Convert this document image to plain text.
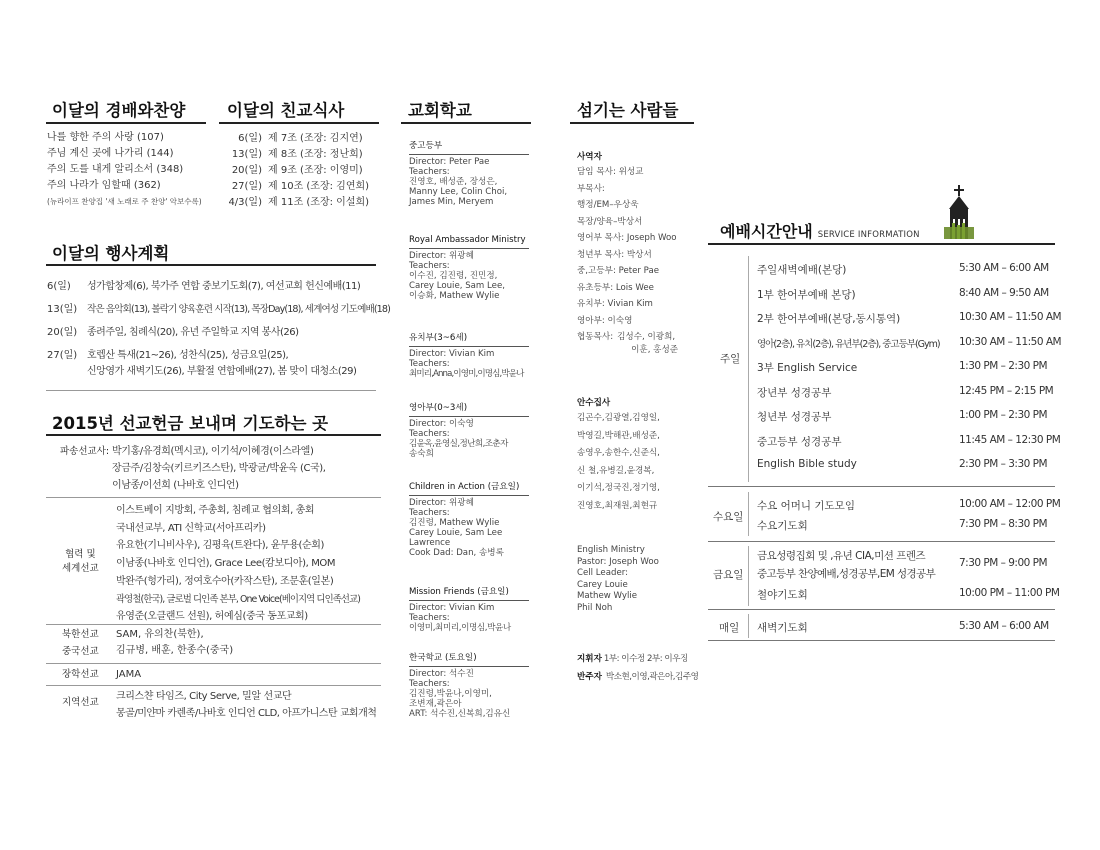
이달의 경배와찬양
나를 향한 주의 사랑 (107)
주님 계신 곳에 나가리 (144)
주의 도를 내게 알리소서 (348)
주의 나라가 임할때 (362)
(뉴라이프 찬양집 '새 노래로 주 찬양' 악보수록)
이달의 친교식사
6(일) 제 7조 (조장: 김지연)
13(일) 제 8조 (조장: 정난희)
20(일) 제 9조 (조장: 이영미)
27(일) 제 10조 (조장: 김연희)
4/3(일) 제 11조 (조장: 이설희)
이달의 행사계획
6(일)	성가합창제(6), 북가주 연합 중보기도회(7), 여선교회 헌신예배(11)
13(일)	작은 음악회(13), 볼락기 양육훈련 시작(13), 목장Day(18), 세계여성 기도예배(18)
20(일) 종려주일, 침례식(20), 유년 주일학교 지역 봉사(26)
27(일) 호렙산 특새(21~26), 성찬식(25), 성금요일(25),
신앙영가 새벽기도(26), 부활절 연합예배(27), 봄 맞이 대청소(29)
2015년 선교헌금 보내며 기도하는 곳
파송선교사: 박기홍/유경희(멕시코), 이기석/이혜경(이스라엘)
장금주/김창숙(키르키즈스탄), 박광균/박윤옥 (C국),
이남종/이선희 (나바호 인디언)
협력 및
세계선교
이스트베이 지방회, 주총회, 침례교 협의회, 총회
국내선교부, ATI 신학교(서아프리카)
유요한(기니비사우), 김평육(트완다), 윤무용(순회)
이남종(나바호 인디언), Grace Lee(캄보디아), MOM
박완주(헝가리), 정여호수아(카작스탄), 조문훈(일본)
곽영철(한국), 글로벌 디인족 본부, One Voice(베이지역 디인족선교)
유영준(오클랜드 선원), 허예심(중국 동포교회)
북한선교 SAM, 유의찬(북한),
중국선교 김규병, 배훈, 한종수(중국)
장학선교 JAMA
지역선교
크리스챤 타임즈, City Serve, 밀알 선교단
몽골/미얀마 카렌족/나바호 인디언 CLD, 아프가니스탄 교회개척
교회학교
중고등부
Director: Peter Pae
Teachers:
진영호, 배성준, 장성은,
Manny Lee, Colin Choi,
James Min, Meryem
Royal Ambassador Ministry
Director: 위광혜
Teachers:
이수진, 김진령, 진민정,
Carey Louie, Sam Lee,
이승화, Mathew Wylie
유치부(3~6세)
Director: Vivian Kim
Teachers:
최미리,Anna,이영미,이명심,박윤나
영아부(0~3세)
Director: 이숙영
Teachers:
김윤옥,윤영실,정난희,조춘자
송숙희
Children in Action (금요일)
Director: 위광혜
Teachers:
김진령, Mathew Wylie
Carey Louie, Sam Lee
Lawrence
Cook Dad: Dan, 송병록
Mission Friends (금요일)
Director: Vivian Kim
Teachers:
이영미,최미리,이명심,박윤나
한국학교 (토요일)
Director: 석수진
Teachers:
김진령,박윤나,이영미,
조변재,곽은아
ART: 석수진,신복희,김유신
섬기는 사람들
사역자
담임 목사: 위성교
부목사:
행정/EM–우상욱
목장/양육–박상서
영어부 목사: Joseph Woo
청년부 목사: 박상서
중,고등부: Peter Pae
유초등부: Lois Wee
유치부: Vivian Kim
영아부: 이숙영
협동목사: 김성수, 이광희,
이훈, 홍성준
안수집사
김곤수,김광열,김영일,
박영길,박해관,배성준,
송영우,송한수,신준식,
신 철,유병길,윤경복,
이기석,정국진,정기영,
진영호,최재원,최현규
English Ministry
Pastor: Joseph Woo
Cell Leader:
Carey Louie
Mathew Wylie
Phil Noh
지휘자 1부: 이수정 2부: 이우징
반주자 박소현,이영,곽은아,김주영
예배시간안내 SERVICE INFORMATION
주일
주일새벽예배(본당)	5:30 AM – 6:00 AM
1부 한어부예배 본당)	8:40 AM – 9:50 AM
2부 한어부예배(본당,동시통역)	10:30 AM – 11:50 AM
영아(2층), 유치(2층), 유년부(2층), 중고등부(Gym) 10:30 AM – 11:50 AM
3부 English Service	1:30 PM – 2:30 PM
장년부 성경공부	12:45 PM – 2:15 PM
청년부 성경공부	1:00 PM – 2:30 PM
중고등부 성경공부	11:45 AM – 12:30 PM
English Bible study	2:30 PM – 3:30 PM
수요일
수요 어머니 기도모임	10:00 AM – 12:00 PM
수요기도회	7:30 PM – 8:30 PM
금요일
금요성령집회 및 ,유년 CIA,미션 프렌즈
중고등부 찬양예배,성경공부,EM 성경공부
7:30 PM – 9:00 PM
철야기도회	10:00 PM – 11:00 PM
매일 새벽기도회	5:30 AM – 6:00 AM
